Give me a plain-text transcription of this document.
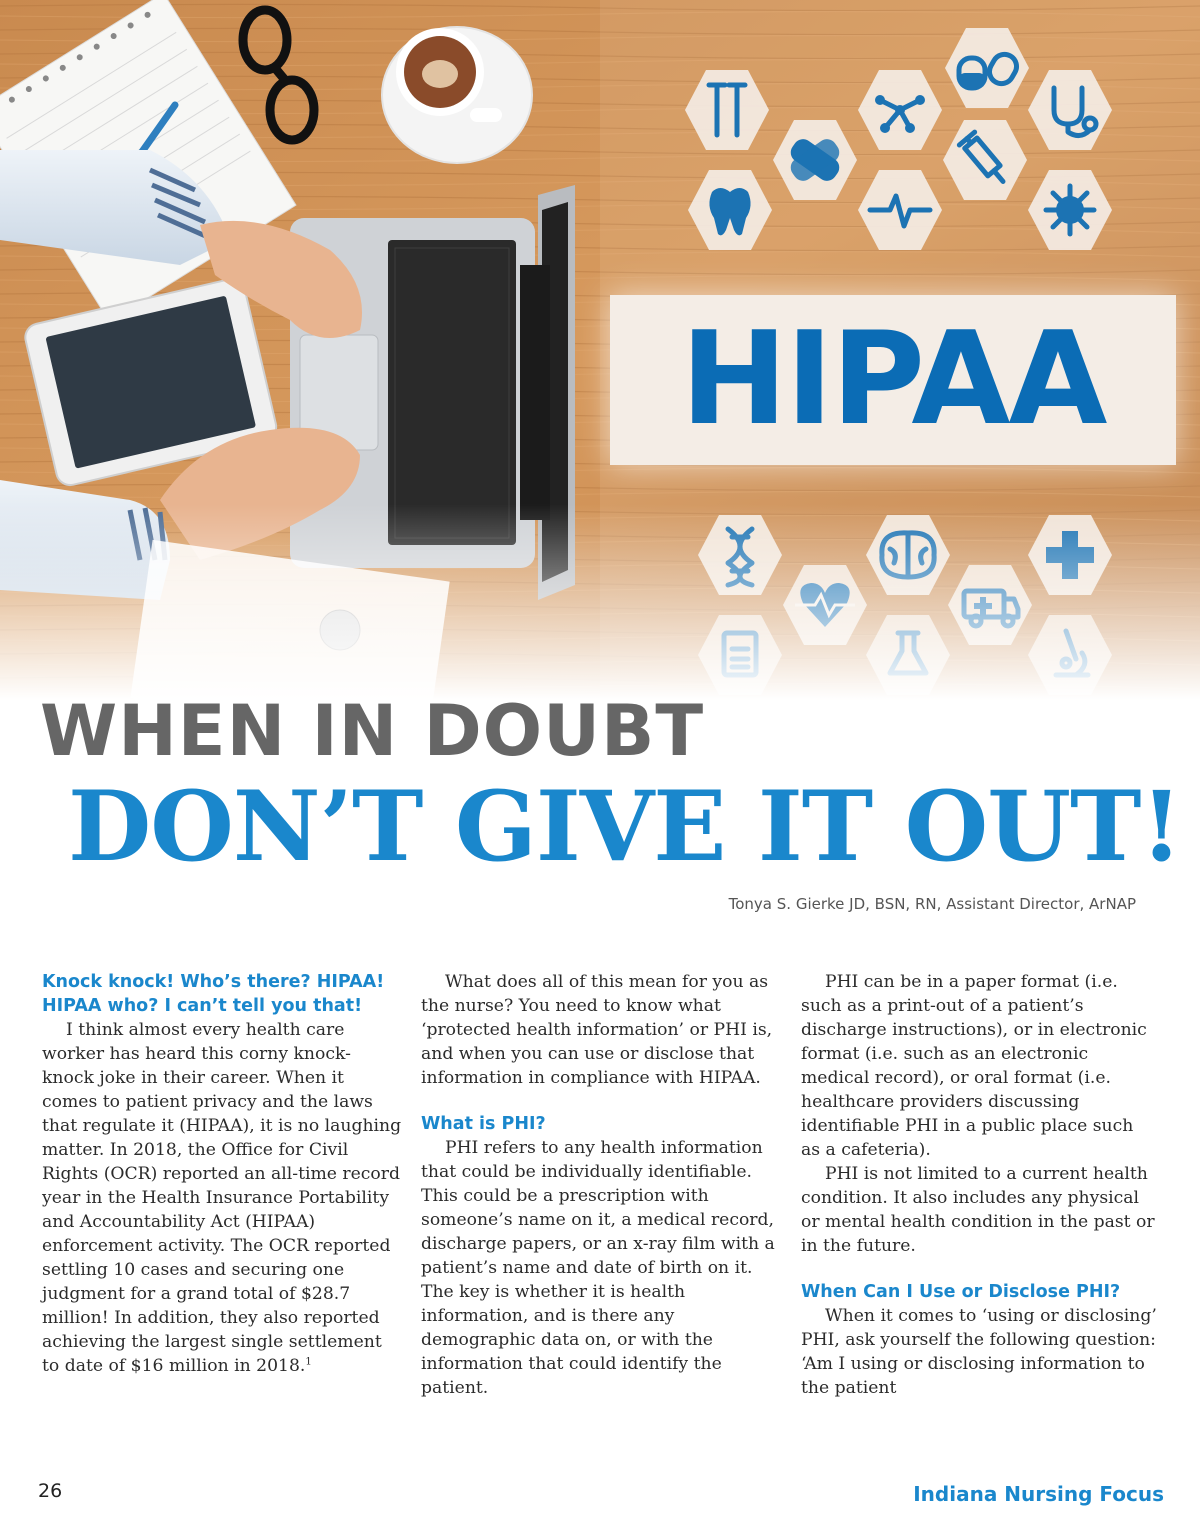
HIPAA
WHEN IN DOUBT
DON’T GIVE IT OUT!
Tonya S. Gierke JD, BSN, RN, Assistant Director, ArNAP
Knock knock! Who’s there? HIPAA! HIPAA who? I can’t tell you that!

I think almost every health care worker has heard this corny knock-knock joke in their career. When it comes to patient privacy and the laws that regulate it (HIPAA), it is no laughing matter. In 2018, the Office for Civil Rights (OCR) reported an all-time record year in the Health Insurance Portability and Accountability Act (HIPAA) enforcement activity. The OCR reported settling 10 cases and securing one judgment for a grand total of $28.7 million! In addition, they also reported achieving the largest single settlement to date of $16 million in 2018.$^1$

What does all of this mean for you as the nurse? You need to know what ‘protected health information’ or PHI is, and when you can use or disclose that information in compliance with HIPAA.

What is PHI?

PHI refers to any health information that could be individually identifiable. This could be a prescription with someone’s name on it, a medical record, discharge papers, or an x-ray film with a patient’s name and date of birth on it. The key is whether it is health information, and is there any demographic data on, or with the information that could identify the patient.

PHI can be in a paper format (i.e. such as a print-out of a patient’s discharge instructions), or in electronic format (i.e. such as an electronic medical record), or oral format (i.e. healthcare providers discussing identifiable PHI in a public place such as a cafeteria).

PHI is not limited to a current health condition. It also includes any physical or mental health condition in the past or in the future.

When Can I Use or Disclose PHI?

When it comes to ‘using or disclosing’ PHI, ask yourself the following question: ‘Am I using or disclosing information to the patient

26	Indiana Nursing Focus
